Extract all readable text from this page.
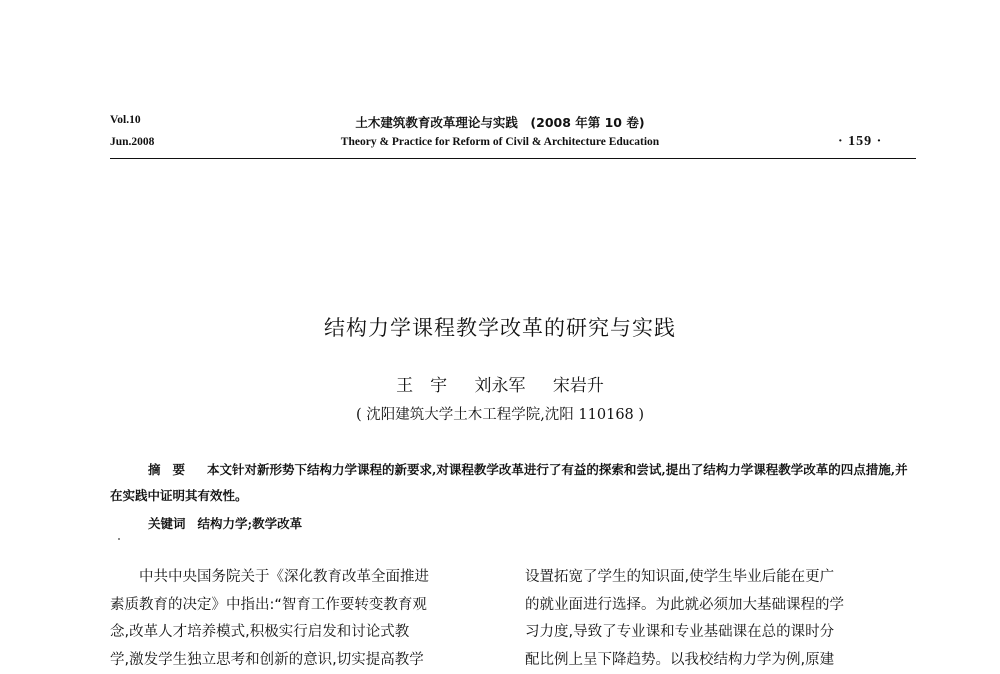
Vol.10
Jun.2008
土木建筑教育改革理论与实践　(2008 年第 10 卷)
Theory & Practice for Reform of Civil & Architecture Education	· 159 ·
结构力学课程教学改革的研究与实践
王　宇 刘永军 宋岩升
( 沈阳建筑大学土木工程学院,沈阳 110168 )
摘要 本文针对新形势下结构力学课程的新要求,对课程教学改革进行了有益的探索和尝试,提出了结构力学课程教学改革的四点措施,并在实践中证明其有效性。
关键词 结构力学;教学改革
　　中共中央国务院关于《深化教育改革全面推进
素质教育的决定》中指出:“智育工作要转变教育观
念,改革人才培养模式,积极实行启发和讨论式教
学,激发学生独立思考和创新的意识,切实提高教学
设置拓宽了学生的知识面,使学生毕业后能在更广
的就业面进行选择。为此就必须加大基础课程的学
习力度,导致了专业课和专业基础课在总的课时分
配比例上呈下降趋势。以我校结构力学为例,原建
